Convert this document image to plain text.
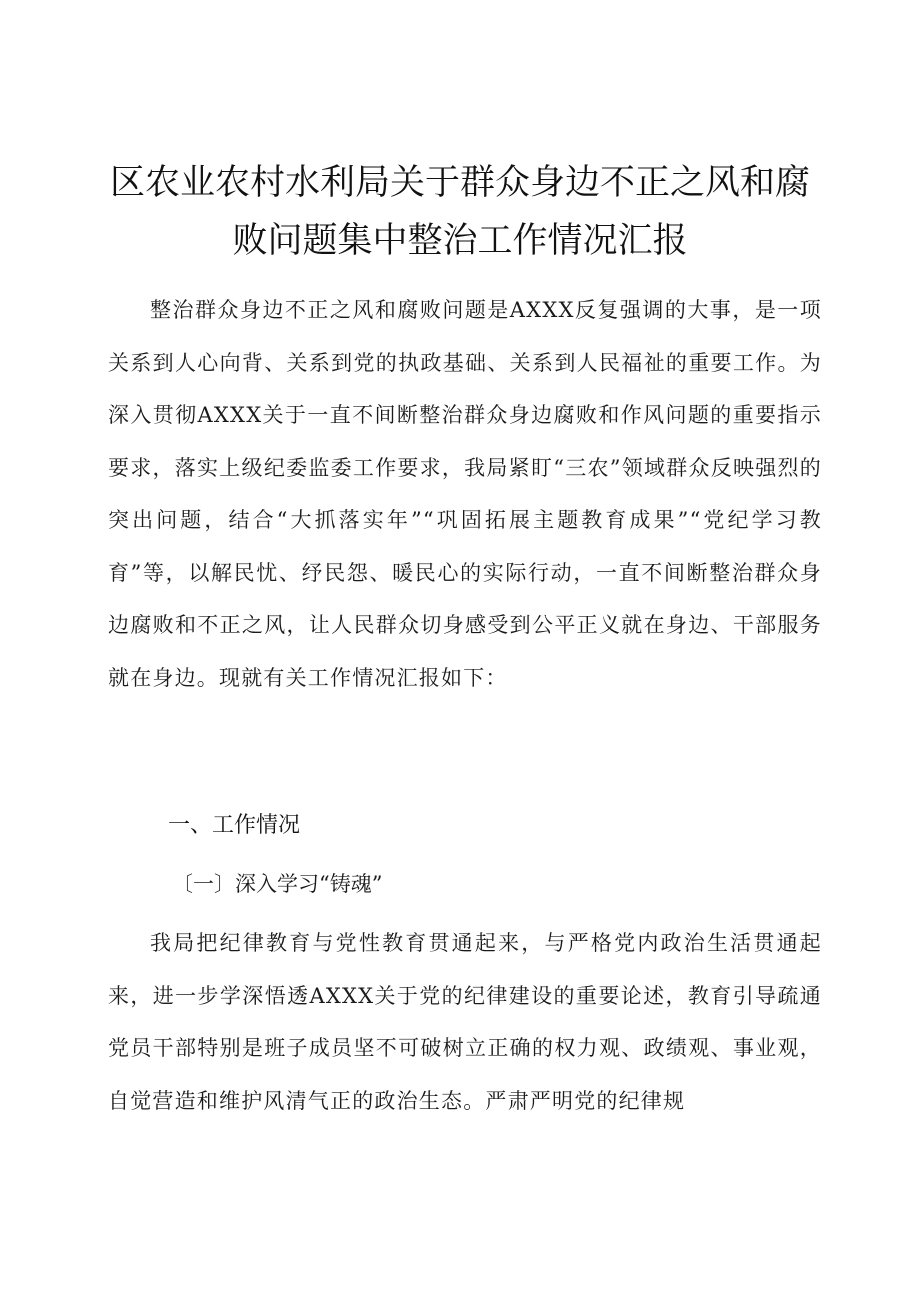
区农业农村水利局关于群众身边不正之风和腐败问题集中整治工作情况汇报

整治群众身边不正之风和腐败问题是AXXX反复强调的大事，是一项关系到人心向背、关系到党的执政基础、关系到人民福祉的重要工作。为深入贯彻AXXX关于一直不间断整治群众身边腐败和作风问题的重要指示要求，落实上级纪委监委工作要求，我局紧盯“三农”领域群众反映强烈的突出问题，结合“大抓落实年”“巩固拓展主题教育成果”“党纪学习教育”等，以解民忧、纾民怨、暖民心的实际行动，一直不间断整治群众身边腐败和不正之风，让人民群众切身感受到公平正义就在身边、干部服务就在身边。现就有关工作情况汇报如下：

一、工作情况
〔一〕深入学习“铸魂”

我局把纪律教育与党性教育贯通起来，与严格党内政治生活贯通起来，进一步学深悟透AXXX关于党的纪律建设的重要论述，教育引导疏通党员干部特别是班子成员坚不可破树立正确的权力观、政绩观、事业观，自觉营造和维护风清气正的政治生态。严肃严明党的纪律规
